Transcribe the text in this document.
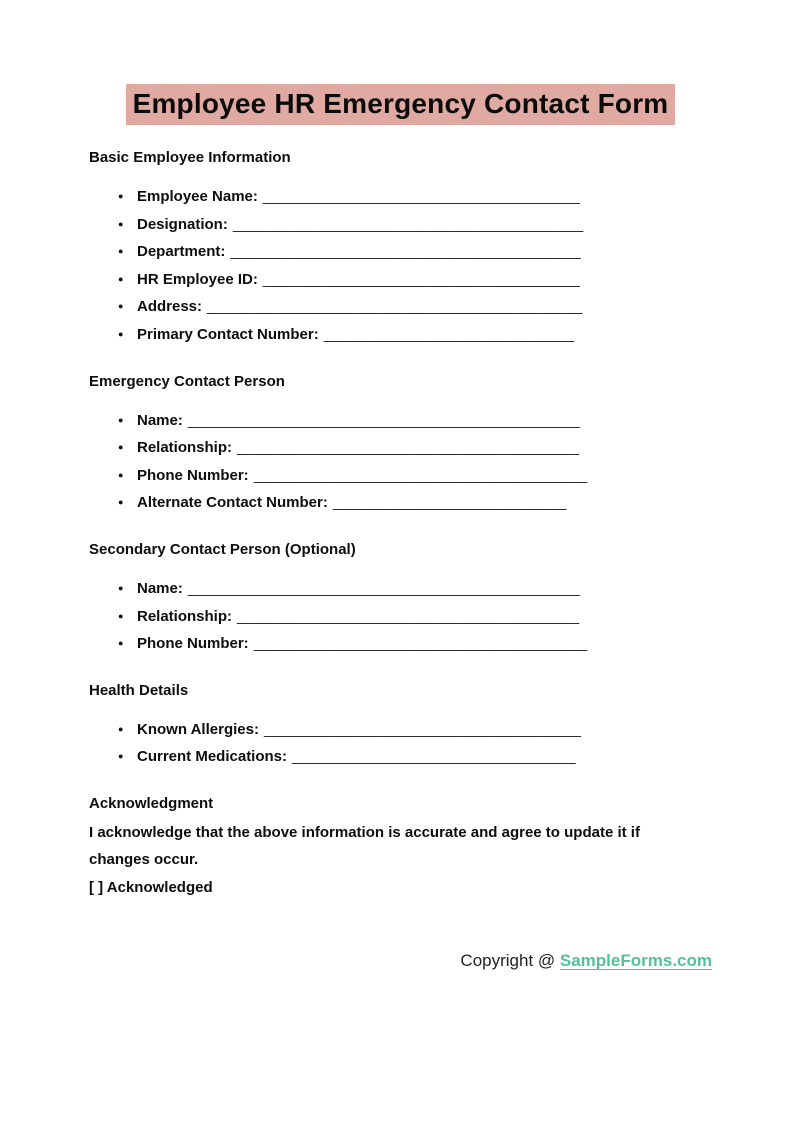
Employee HR Emergency Contact Form
Basic Employee Information
● Employee Name: ______________________________________
● Designation: __________________________________________
● Department: __________________________________________
● HR Employee ID: ______________________________________
● Address: _____________________________________________
● Primary Contact Number: ______________________________
Emergency Contact Person
● Name: _______________________________________________
● Relationship: _________________________________________
● Phone Number: ________________________________________
● Alternate Contact Number: ____________________________
Secondary Contact Person (Optional)
● Name: _______________________________________________
● Relationship: _________________________________________
● Phone Number: ________________________________________
Health Details
● Known Allergies: ______________________________________
● Current Medications: __________________________________
Acknowledgment

I acknowledge that the above information is accurate and agree to update it if changes occur.

[ ] Acknowledged

Copyright @ SampleForms.com
